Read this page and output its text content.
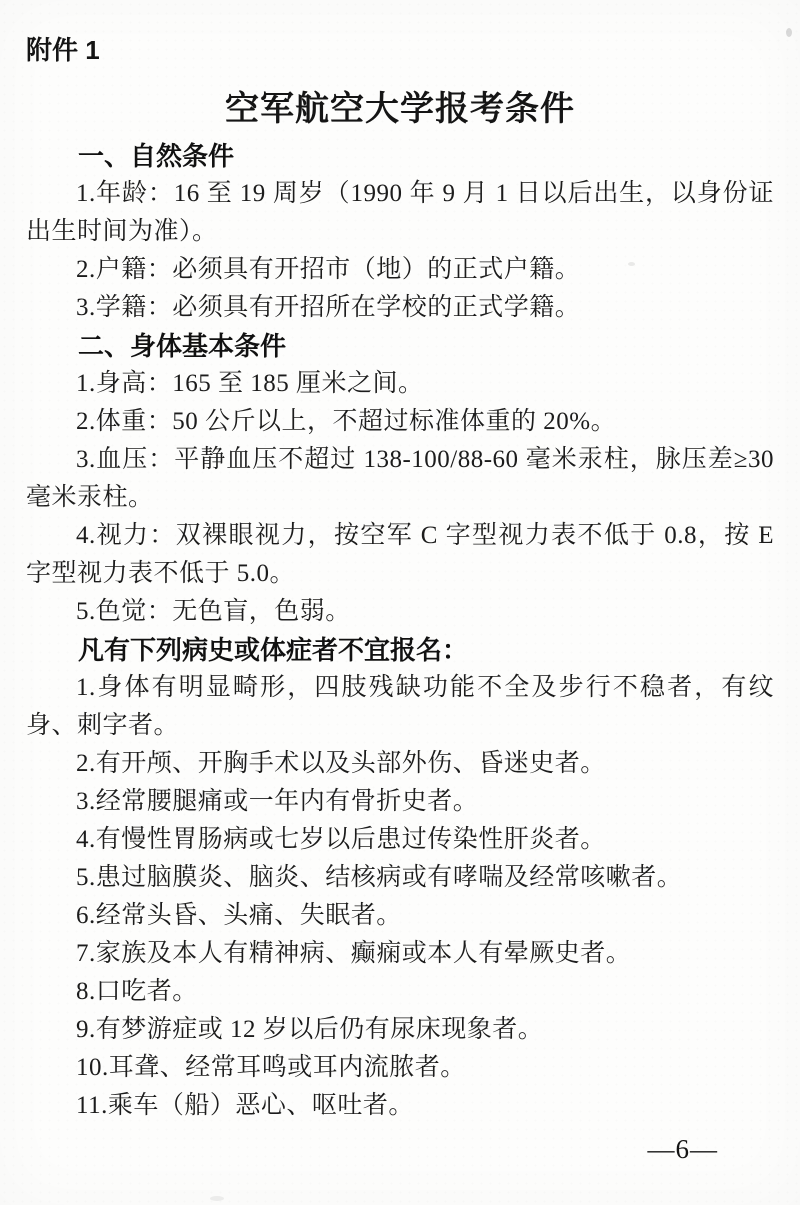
附件 1
空军航空大学报考条件
一、自然条件

1.年龄：16 至 19 周岁（1990 年 9 月 1 日以后出生，以身份证出生时间为准）。

2.户籍：必须具有开招市（地）的正式户籍。

3.学籍：必须具有开招所在学校的正式学籍。

二、身体基本条件

1.身高：165 至 185 厘米之间。

2.体重：50 公斤以上，不超过标准体重的 20%。

3.血压：平静血压不超过 138-100/88-60 毫米汞柱，脉压差≥30 毫米汞柱。

4.视力：双裸眼视力，按空军 C 字型视力表不低于 0.8，按 E 字型视力表不低于 5.0。

5.色觉：无色盲，色弱。

凡有下列病史或体症者不宜报名：

1.身体有明显畸形，四肢残缺功能不全及步行不稳者，有纹身、刺字者。

2.有开颅、开胸手术以及头部外伤、昏迷史者。

3.经常腰腿痛或一年内有骨折史者。

4.有慢性胃肠病或七岁以后患过传染性肝炎者。

5.患过脑膜炎、脑炎、结核病或有哮喘及经常咳嗽者。

6.经常头昏、头痛、失眠者。

7.家族及本人有精神病、癫痫或本人有晕厥史者。

8.口吃者。

9.有梦游症或 12 岁以后仍有尿床现象者。

10.耳聋、经常耳鸣或耳内流脓者。

11.乘车（船）恶心、呕吐者。

—6—
